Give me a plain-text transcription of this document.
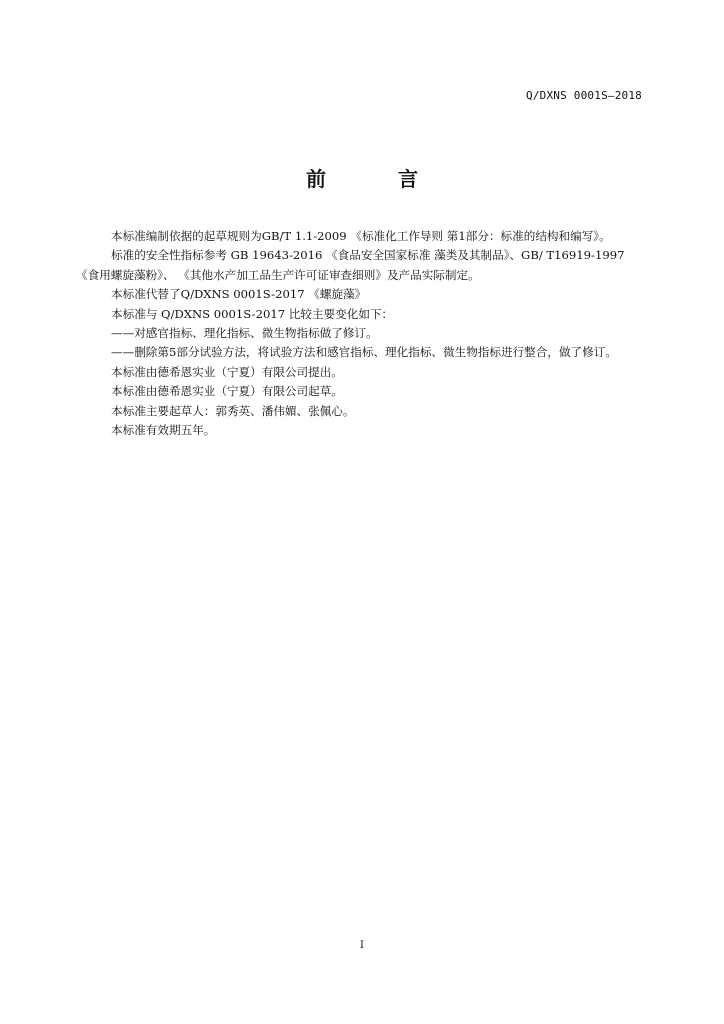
Q/DXNS 0001S—2018
前　言

本标准编制依据的起草规则为GB/T 1.1-2009 《标准化工作导则 第1部分：标准的结构和编写》。

标准的安全性指标参考 GB 19643-2016 《食品安全国家标准 藻类及其制品》、GB/ T16919-1997

《食用螺旋藻粉》、 《其他水产加工品生产许可证审查细则》及产品实际制定。

本标准代替了Q/DXNS 0001S-2017 《螺旋藻》

本标准与 Q/DXNS 0001S-2017 比较主要变化如下：

——对感官指标、理化指标、微生物指标做了修订。

——删除第5部分试验方法，将试验方法和感官指标、理化指标、微生物指标进行整合，做了修订。

本标准由德希恩实业（宁夏）有限公司提出。

本标准由德希恩实业（宁夏）有限公司起草。

本标准主要起草人：郭秀英、潘伟媚、张佩心。

本标准有效期五年。

I
